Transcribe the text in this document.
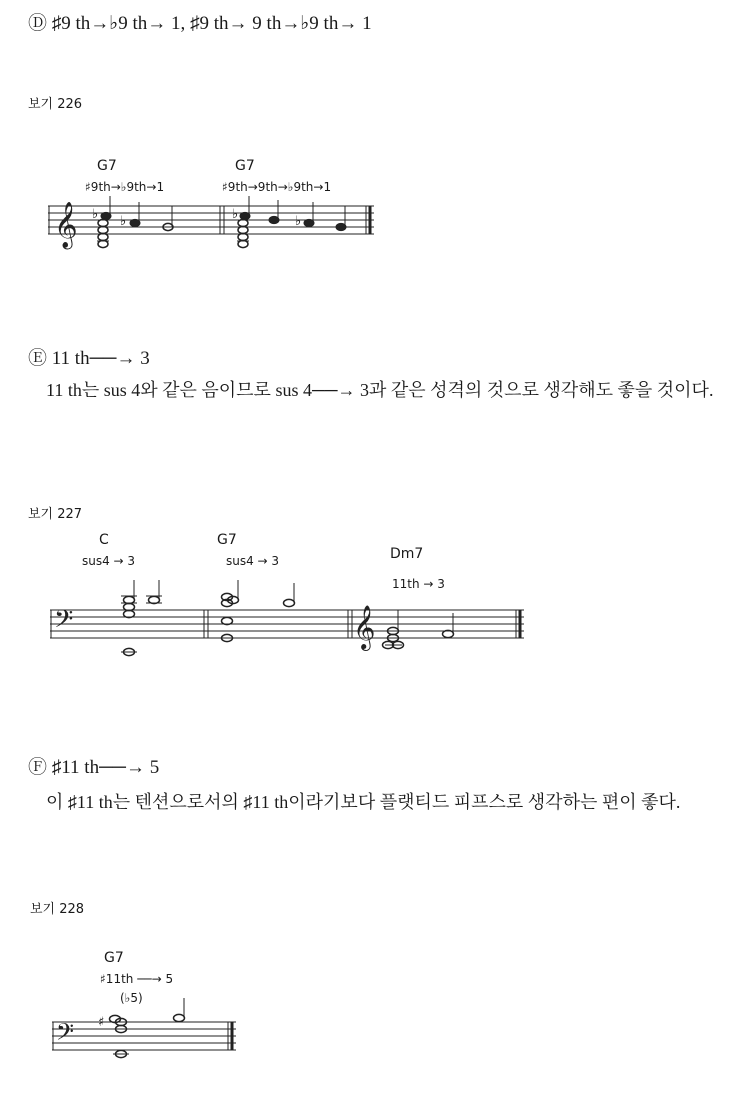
Ⓓ ♯9 th→♭9 th→ 1, ♯9 th→ 9 th→♭9 th→ 1
보기 226
G7
♯9th→♭9th→1
G7
♯9th→9th→♭9th→1
𝄞 ♭ ♭	♭	♭
Ⓔ 11 th──→ 3
11 th는 sus 4와 같은 음이므로 sus 4──→ 3과 같은 성격의 것으로 생각해도 좋을 것이다.
보기 227
C
sus4 → 3
G7
sus4 → 3	Dm7
11th → 3
𝄢	𝄞
Ⓕ ♯11 th──→ 5
이 ♯11 th는 텐션으로서의 ♯11 th이라기보다 플랫티드 피프스로 생각하는 편이 좋다.
보기 228
G7
♯11th ──→ 5
(♭5)
𝄢 ♯
